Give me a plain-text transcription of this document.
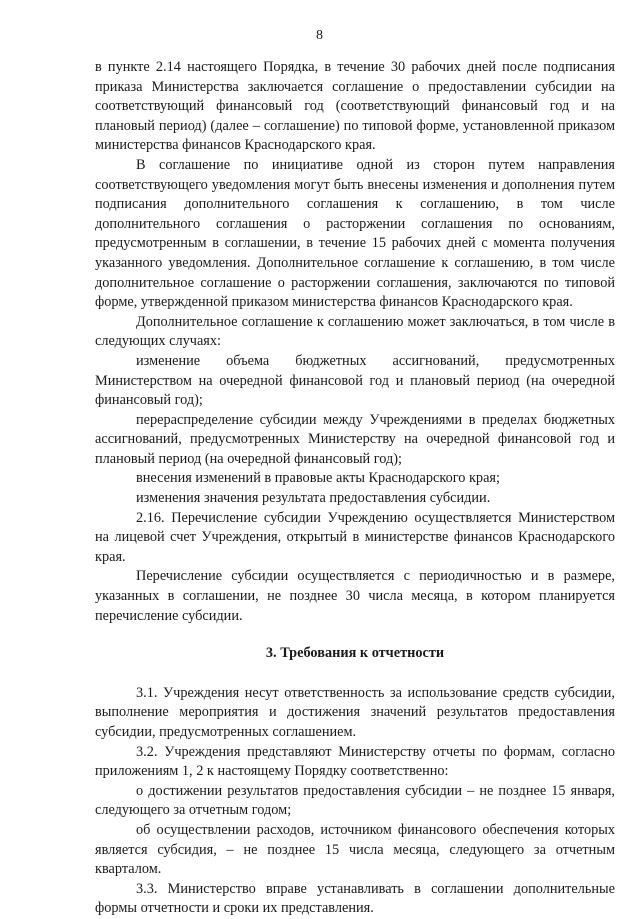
8

в пункте 2.14 настоящего Порядка, в течение 30 рабочих дней после подписания приказа Министерства заключается соглашение о предоставлении субсидии на соответствующий финансовый год (соответствующий финансовый год и на плановый период) (далее – соглашение) по типовой форме, установленной приказом министерства финансов Краснодарского края.

В соглашение по инициативе одной из сторон путем направления соответствующего уведомления могут быть внесены изменения и дополнения путем подписания дополнительного соглашения к соглашению, в том числе дополнительного соглашения о расторжении соглашения по основаниям, предусмотренным в соглашении, в течение 15 рабочих дней с момента получения указанного уведомления. Дополнительное соглашение к соглашению, в том числе дополнительное соглашение о расторжении соглашения, заключаются по типовой форме, утвержденной приказом министерства финансов Краснодарского края.

Дополнительное соглашение к соглашению может заключаться, в том числе в следующих случаях:

изменение объема бюджетных ассигнований, предусмотренных Министерством на очередной финансовой год и плановый период (на очередной финансовый год);

перераспределение субсидии между Учреждениями в пределах бюджетных ассигнований, предусмотренных Министерству на очередной финансовой год и плановый период (на очередной финансовый год);

внесения изменений в правовые акты Краснодарского края;

изменения значения результата предоставления субсидии.

2.16. Перечисление субсидии Учреждению осуществляется Министерством на лицевой счет Учреждения, открытый в министерстве финансов Краснодарского края.

Перечисление субсидии осуществляется с периодичностью и в размере, указанных в соглашении, не позднее 30 числа месяца, в котором планируется перечисление субсидии.

3. Требования к отчетности

3.1. Учреждения несут ответственность за использование средств субсидии, выполнение мероприятия и достижения значений результатов предоставления субсидии, предусмотренных соглашением.

3.2. Учреждения представляют Министерству отчеты по формам, согласно приложениям 1, 2 к настоящему Порядку соответственно:

о достижении результатов предоставления субсидии – не позднее 15 января, следующего за отчетным годом;

об осуществлении расходов, источником финансового обеспечения которых является субсидия, – не позднее 15 числа месяца, следующего за отчетным кварталом.

3.3. Министерство вправе устанавливать в соглашении дополнительные формы отчетности и сроки их представления.
